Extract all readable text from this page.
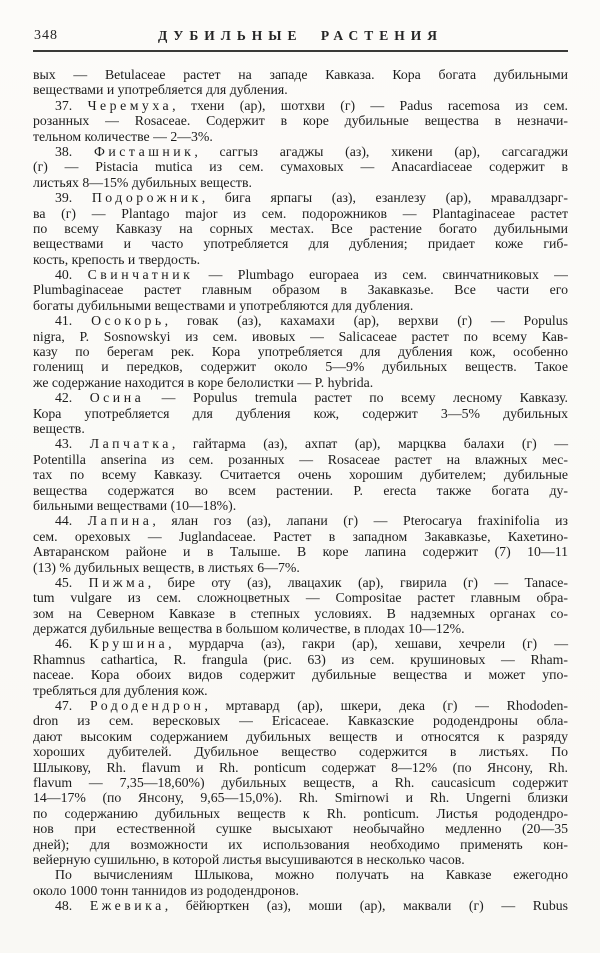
348	ДУБИЛЬНЫЕ РАСТЕНИЯ
вых — Betulaceae растет на западе Кавказа. Кора богата дубильными
веществами и употребляется для дубления.
37. Черемуха, тхени (ар), шотхви (г) — Padus racemosa из сем.
розанных — Rosaceae. Содержит в коре дубильные вещества в незначи-
тельном количестве — 2—3%.
38. Фисташник, саггыз агаджы (аз), хикени (ар), сагсагаджи
(г) — Pistacia mutica из сем. сумаховых — Anacardiaceae содержит в
листьях 8—15% дубильных веществ.
39. Подорожник, бига ярпагы (аз), езанлезу (ар), мравалдзарг-
ва (г) — Plantago major из сем. подорожников — Plantaginaceae растет
по всему Кавказу на сорных местах. Все растение богато дубильными
веществами и часто употребляется для дубления; придает коже гиб-
кость, крепость и твердость.
40. Свинчатник — Plumbago europaea из сем. свинчатниковых —
Plumbaginaceae растет главным образом в Закавказье. Все части его
богаты дубильными веществами и употребляются для дубления.
41. Осокорь, говак (аз), кахамахи (ар), верхви (г) — Populus
nigra, P. Sosnowskyi из сем. ивовых — Salicaceae растет по всему Кав-
казу по берегам рек. Кора употребляется для дубления кож, особенно
голенищ и передков, содержит около 5—9% дубильных веществ. Такое
же содержание находится в коре белолистки — P. hybrida.
42. Осина — Populus tremula растет по всему лесному Кавказу.
Кора употребляется для дубления кож, содержит 3—5% дубильных
веществ.
43. Лапчатка, гайтарма (аз), ахпат (ар), марцква балахи (г) —
Potentilla anserina из сем. розанных — Rosaceae растет на влажных мес-
тах по всему Кавказу. Считается очень хорошим дубителем; дубильные
вещества содержатся во всем растении. P. erecta также богата ду-
бильными веществами (10—18%).
44. Лапина, ялан гоз (аз), лапани (г) — Pterocarya fraxinifolia из
сем. ореховых — Juglandaceae. Растет в западном Закавказье, Кахетино-
Автаранском районе и в Талыше. В коре лапина содержит (7) 10—11
(13) % дубильных веществ, в листьях 6—7%.
45. Пижма, бире оту (аз), лвацахик (ар), гвирила (г) — Tanace-
tum vulgare из сем. сложноцветных — Compositae растет главным обра-
зом на Северном Кавказе в степных условиях. В надземных органах со-
держатся дубильные вещества в большом количестве, в плодах 10—12%.
46. Крушина, мурдарча (аз), гакри (ар), хешави, хечрели (г) —
Rhamnus cathartica, R. frangula (рис. 63) из сем. крушиновых — Rham-
naceae. Кора обоих видов содержит дубильные вещества и может упо-
требляться для дубления кож.
47. Рододендрон, мртавард (ар), шкери, дека (г) — Rhododen-
dron из сем. вересковых — Ericaceae. Кавказские рододендроны обла-
дают высоким содержанием дубильных веществ и относятся к разряду
хороших дубителей. Дубильное вещество содержится в листьях. По
Шлыкову, Rh. flavum и Rh. ponticum содержат 8—12% (по Янсону, Rh.
flavum — 7,35—18,60%) дубильных веществ, а Rh. caucasicum содержит
14—17% (по Янсону, 9,65—15,0%). Rh. Smirnowi и Rh. Ungerni близки
по содержанию дубильных веществ к Rh. ponticum. Листья рододендро-
нов при естественной сушке высыхают необычайно медленно (20—35
дней); для возможности их использования необходимо применять кон-
вейерную сушильню, в которой листья высушиваются в несколько часов.
По вычислениям Шлыкова, можно получать на Кавказе ежегодно
около 1000 тонн таннидов из рододендронов.
48. Ежевика, бёйюрткен (аз), моши (ар), маквали (г) — Rubus
